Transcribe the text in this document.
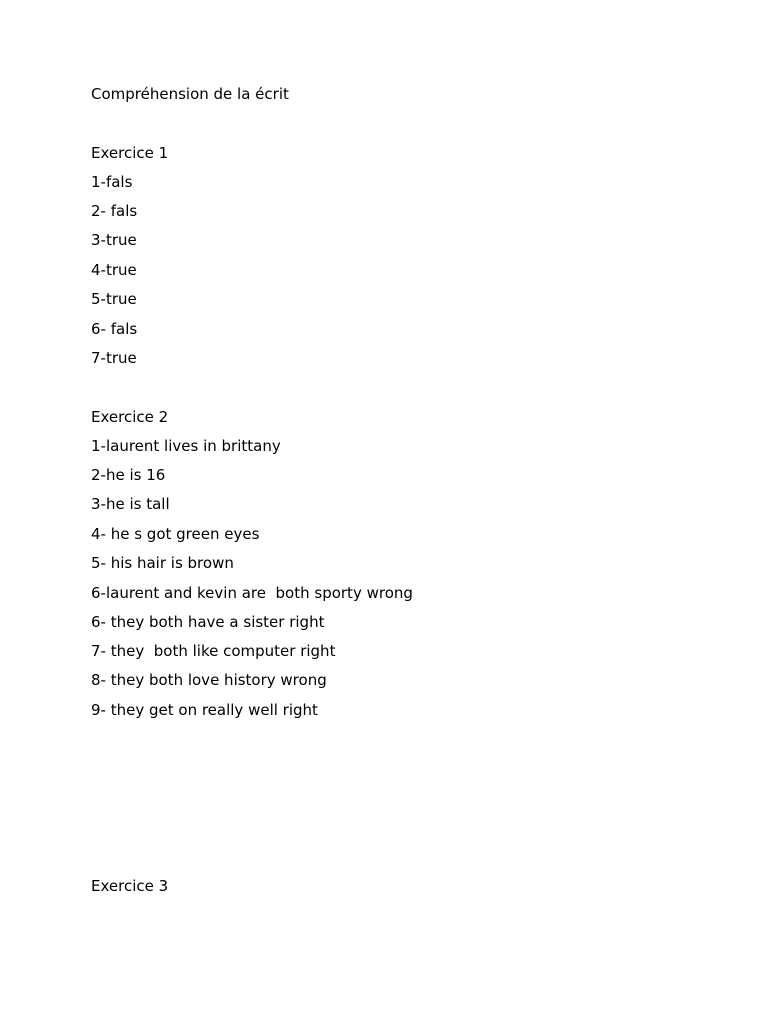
Compréhension de la écrit
Exercice 1
1-fals
2- fals
3-true
4-true
5-true
6- fals
7-true
Exercice 2
1-laurent lives in brittany
2-he is 16
3-he is tall
4- he s got green eyes
5- his hair is brown
6-laurent and kevin are  both sporty wrong
6- they both have a sister right
7- they  both like computer right
8- they both love history wrong
9- they get on really well right
Exercice 3
